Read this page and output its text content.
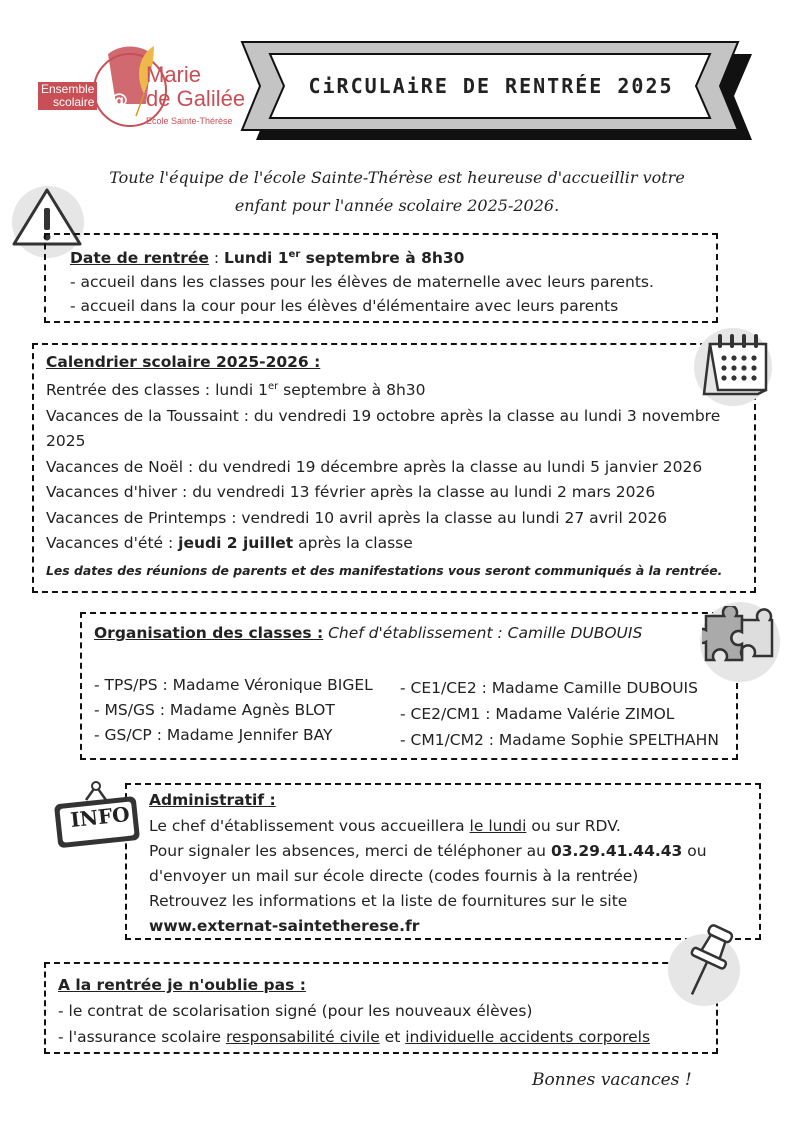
Ensemble
scolaire @
Marie
de Galilée
Ecole Sainte-Thérèse
CiRCULAiRE DE RENTRÉE 2025
Toute l'équipe de l'école Sainte-Thérèse est heureuse d'accueillir votre
enfant pour l'année scolaire 2025-2026.
Date de rentrée : Lundi 1er septembre à 8h30
- accueil dans les classes pour les élèves de maternelle avec leurs parents.
- accueil dans la cour pour les élèves d'élémentaire avec leurs parents
Calendrier scolaire 2025-2026 :
Rentrée des classes : lundi 1er septembre à 8h30
Vacances de la Toussaint : du vendredi 19 octobre après la classe au lundi 3 novembre
2025
Vacances de Noël : du vendredi 19 décembre après la classe au lundi 5 janvier 2026
Vacances d'hiver : du vendredi 13 février après la classe au lundi 2 mars 2026
Vacances de Printemps : vendredi 10 avril après la classe au lundi 27 avril 2026
Vacances d'été : jeudi 2 juillet après la classe
Les dates des réunions de parents et des manifestations vous seront communiqués à la rentrée.
Organisation des classes : Chef d'établissement : Camille DUBOUIS
- TPS/PS : Madame Véronique BIGEL
- MS/GS : Madame Agnès BLOT
- GS/CP : Madame Jennifer BAY
- CE1/CE2 : Madame Camille DUBOUIS
- CE2/CM1 : Madame Valérie ZIMOL
- CM1/CM2 : Madame Sophie SPELTHAHN
Administratif :
Le chef d'établissement vous accueillera le lundi ou sur RDV.
Pour signaler les absences, merci de téléphoner au 03.29.41.44.43 ou
d'envoyer un mail sur école directe (codes fournis à la rentrée)
Retrouvez les informations et la liste de fournitures sur le site
www.externat-saintetherese.fr
INFO
A la rentrée je n'oublie pas :
- le contrat de scolarisation signé (pour les nouveaux élèves)
- l'assurance scolaire responsabilité civile et individuelle accidents corporels
Bonnes vacances !
